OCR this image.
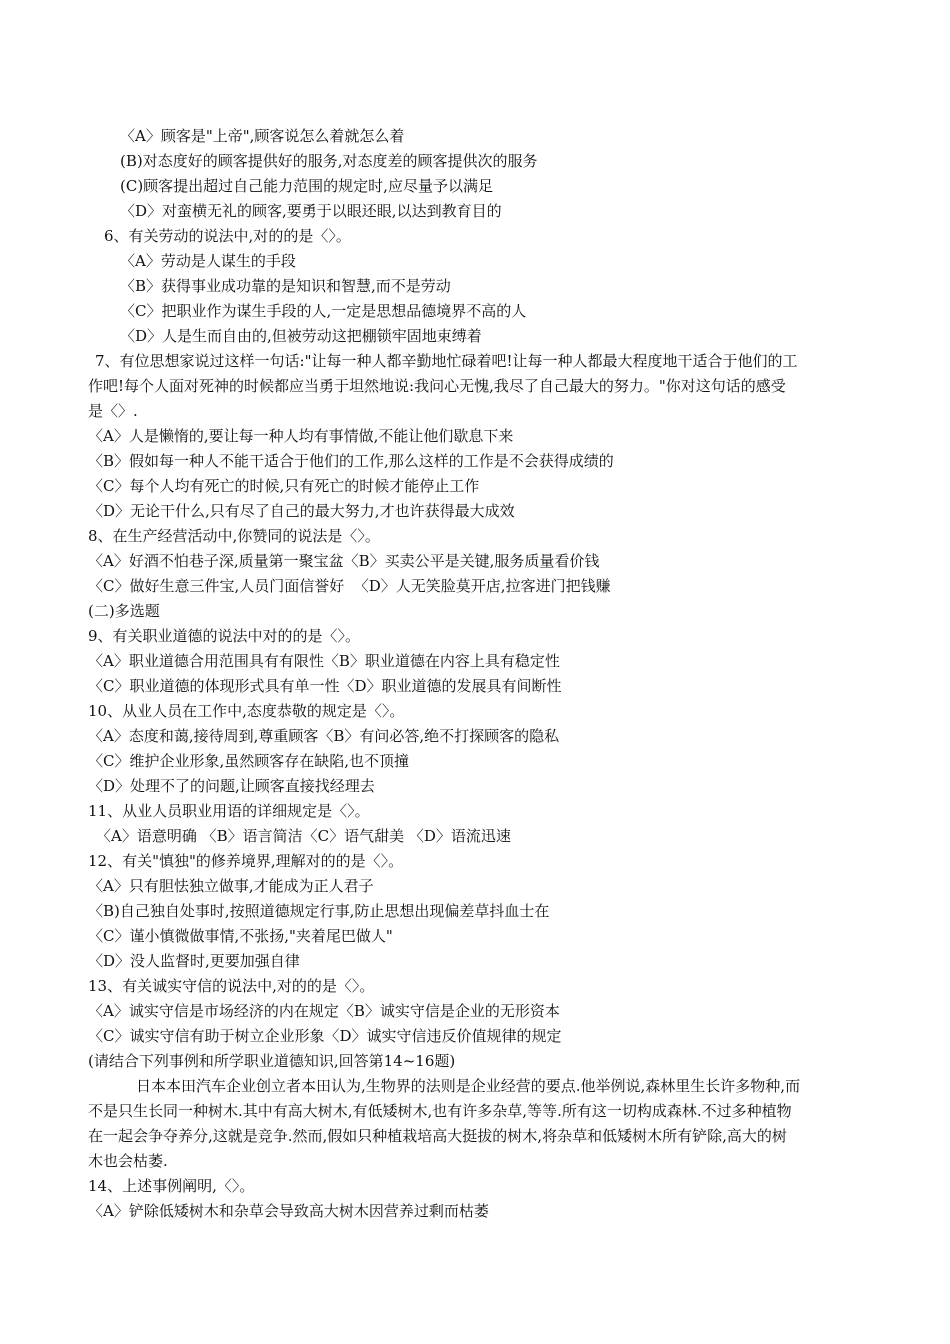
〈A〉顾客是"上帝",顾客说怎么着就怎么着
(B)对态度好的顾客提供好的服务,对态度差的顾客提供次的服务
(C)顾客提出超过自己能力范围的规定时,应尽量予以满足
〈D〉对蛮横无礼的顾客,要勇于以眼还眼,以达到教育目的
6、有关劳动的说法中,对的的是〈〉。
〈A〉劳动是人谋生的手段
〈B〉获得事业成功靠的是知识和智慧,而不是劳动
〈C〉把职业作为谋生手段的人,一定是思想品德境界不高的人
〈D〉人是生而自由的,但被劳动这把棚锁牢固地束缚着
7、有位思想家说过这样一句话:"让每一种人都辛勤地忙碌着吧!让每一种人都最大程度地干适合于他们的工
作吧!每个人面对死神的时候都应当勇于坦然地说:我问心无愧,我尽了自己最大的努力。"你对这句话的感受
是〈〉.
〈A〉人是懒惰的,要让每一种人均有事情做,不能让他们歇息下来
〈B〉假如每一种人不能干适合于他们的工作,那么这样的工作是不会获得成绩的
〈C〉每个人均有死亡的时候,只有死亡的时候才能停止工作
〈D〉无论干什么,只有尽了自己的最大努力,才也许获得最大成效
8、在生产经营活动中,你赞同的说法是〈〉。
〈A〉好酒不怕巷子深,质量第一聚宝盆〈B〉买卖公平是关键,服务质量看价钱
〈C〉做好生意三件宝,人员门面信誉好  〈D〉人无笑脸莫开店,拉客进门把钱赚
(二)多选题
9、有关职业道德的说法中对的的是〈〉。
〈A〉职业道德合用范围具有有限性〈B〉职业道德在内容上具有稳定性
〈C〉职业道德的体现形式具有单一性〈D〉职业道德的发展具有间断性
10、从业人员在工作中,态度恭敬的规定是〈〉。
〈A〉态度和蔼,接待周到,尊重顾客〈B〉有问必答,绝不打探顾客的隐私
〈C〉维护企业形象,虽然顾客存在缺陷,也不顶撞
〈D〉处理不了的问题,让顾客直接找经理去
11、从业人员职业用语的详细规定是〈〉。
〈A〉语意明确 〈B〉语言简洁〈C〉语气甜美 〈D〉语流迅速
12、有关"慎独"的修养境界,理解对的的是〈〉。
〈A〉只有胆怯独立做事,才能成为正人君子
〈B)自己独自处事时,按照道德规定行事,防止思想出现偏差草抖血士在
〈C〉谨小慎微做事情,不张扬,"夹着尾巴做人"
〈D〉没人监督时,更要加强自律
13、有关诚实守信的说法中,对的的是〈〉。
〈A〉诚实守信是市场经济的内在规定〈B〉诚实守信是企业的无形资本
〈C〉诚实守信有助于树立企业形象〈D〉诚实守信违反价值规律的规定
(请结合下列事例和所学职业道德知识,回答第14~16题)
日本本田汽车企业创立者本田认为,生物界的法则是企业经营的要点.他举例说,森林里生长许多物种,而
不是只生长同一种树木.其中有高大树木,有低矮树木,也有许多杂草,等等.所有这一切构成森林.不过多种植物
在一起会争夺养分,这就是竞争.然而,假如只种植栽培高大挺拔的树木,将杂草和低矮树木所有铲除,高大的树
木也会枯萎.
14、上述事例阐明,〈〉。
〈A〉铲除低矮树木和杂草会导致高大树木因营养过剩而枯萎
